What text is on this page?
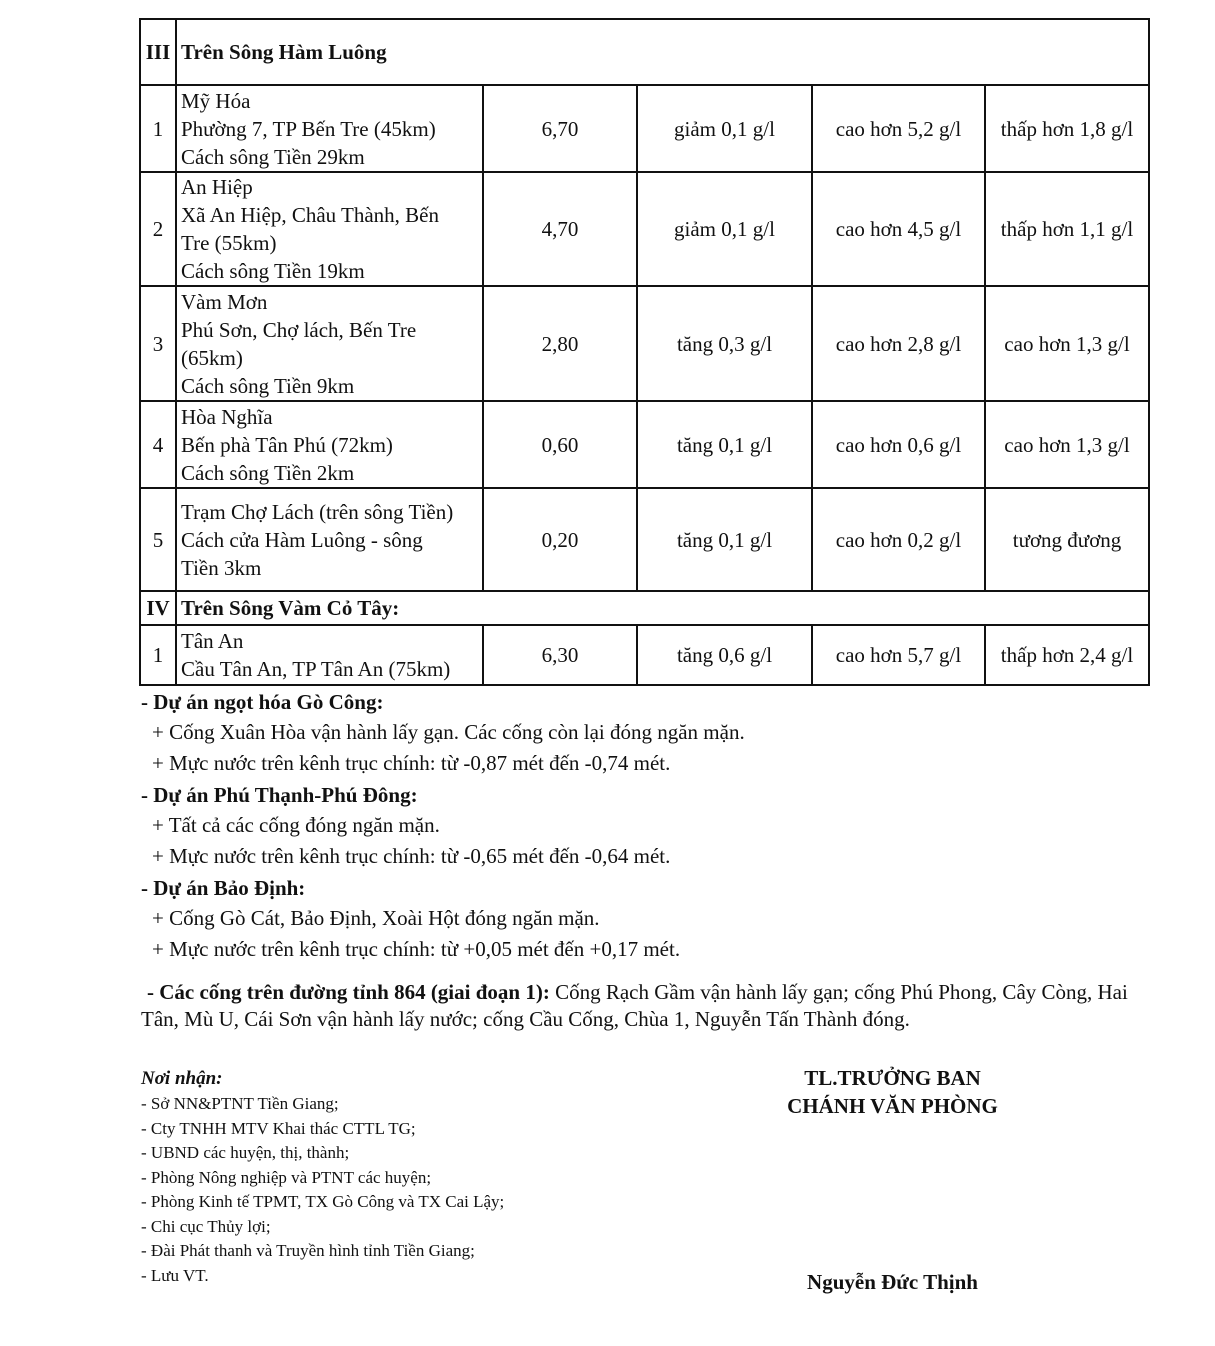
III	Trên Sông Hàm Luông				
1	Mỹ Hóa
Phường 7, TP Bến Tre (45km)
Cách sông Tiền 29km	6,70	giảm 0,1 g/l	cao hơn 5,2 g/l	thấp hơn 1,8 g/l
2	An Hiệp
Xã An Hiệp, Châu Thành, Bến
Tre (55km)
Cách sông Tiền 19km	4,70	giảm 0,1 g/l	cao hơn 4,5 g/l	thấp hơn 1,1 g/l
3	Vàm Mơn
Phú Sơn, Chợ lách, Bến Tre
(65km)
Cách sông Tiền 9km	2,80	tăng 0,3 g/l	cao hơn 2,8 g/l	cao hơn 1,3 g/l
4	Hòa Nghĩa
Bến phà Tân Phú (72km)
Cách sông Tiền 2km	0,60	tăng 0,1 g/l	cao hơn 0,6 g/l	cao hơn 1,3 g/l
5	Trạm Chợ Lách (trên sông Tiền)
Cách cửa Hàm Luông - sông
Tiền 3km	0,20	tăng 0,1 g/l	cao hơn 0,2 g/l	tương đương
IV	Trên Sông Vàm Cỏ Tây:				
1	Tân An
Cầu Tân An, TP Tân An (75km)	6,30	tăng 0,6 g/l	cao hơn 5,7 g/l	thấp hơn 2,4 g/l
- Dự án ngọt hóa Gò Công:
+ Cống Xuân Hòa vận hành lấy gạn. Các cống còn lại đóng ngăn mặn.
+ Mực nước trên kênh trục chính: từ -0,87 mét đến -0,74 mét.
- Dự án Phú Thạnh-Phú Đông:
+ Tất cả các cống đóng ngăn mặn.
+ Mực nước trên kênh trục chính: từ -0,65 mét đến -0,64 mét.
- Dự án Bảo Định:
+ Cống Gò Cát, Bảo Định, Xoài Hột đóng ngăn mặn.
+ Mực nước trên kênh trục chính: từ +0,05 mét đến +0,17 mét.
- Các cống trên đường tỉnh 864 (giai đoạn 1): Cống Rạch Gầm vận hành lấy gạn; cống Phú Phong, Cây Còng, Hai Tân, Mù U, Cái Sơn vận hành lấy nước; cống Cầu Cống, Chùa 1, Nguyễn Tấn Thành đóng.
Nơi nhận:
- Sở NN&PTNT Tiền Giang;
- Cty TNHH MTV Khai thác CTTL TG;
- UBND các huyện, thị, thành;
- Phòng Nông nghiệp và PTNT các huyện;
- Phòng Kinh tế TPMT, TX Gò Công và TX Cai Lậy;
- Chi cục Thủy lợi;
- Đài Phát thanh và Truyền hình tỉnh Tiền Giang;
- Lưu VT.
TL.TRƯỞNG BAN
CHÁNH VĂN PHÒNG
Nguyễn Đức Thịnh
